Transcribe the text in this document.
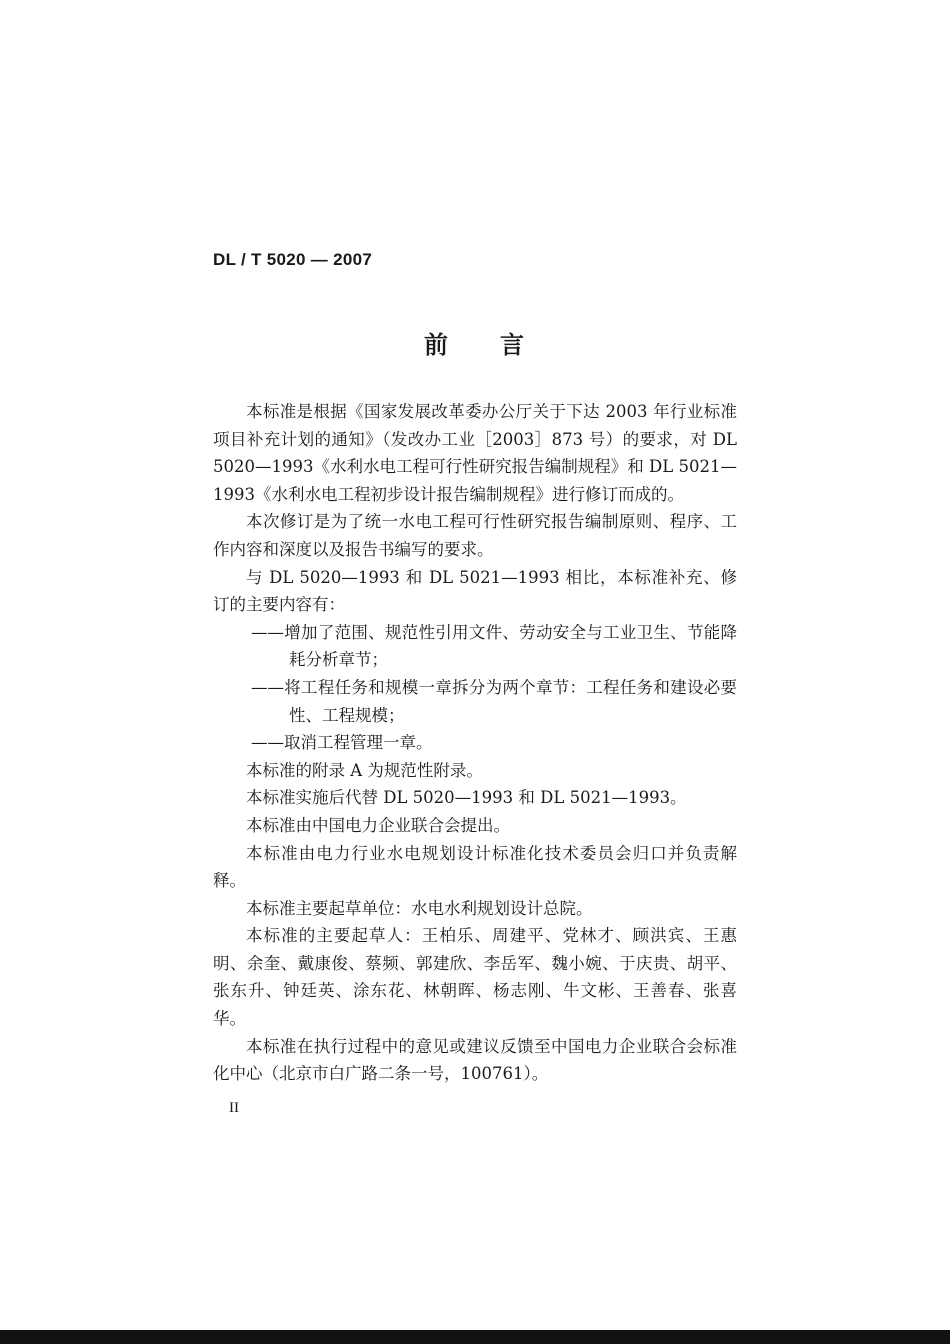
DL / T 5020 — 2007
前言

本标准是根据《国家发展改革委办公厅关于下达 2003 年行业标准项目补充计划的通知》（发改办工业［2003］873 号）的要求，对 DL 5020—1993《水利水电工程可行性研究报告编制规程》和 DL 5021—1993《水利水电工程初步设计报告编制规程》进行修订而成的。

本次修订是为了统一水电工程可行性研究报告编制原则、程序、工作内容和深度以及报告书编写的要求。

与 DL 5020—1993 和 DL 5021—1993 相比，本标准补充、修订的主要内容有：

——增加了范围、规范性引用文件、劳动安全与工业卫生、节能降耗分析章节；

——将工程任务和规模一章拆分为两个章节：工程任务和建设必要性、工程规模；

——取消工程管理一章。

本标准的附录 A 为规范性附录。

本标准实施后代替 DL 5020—1993 和 DL 5021—1993。

本标准由中国电力企业联合会提出。

本标准由电力行业水电规划设计标准化技术委员会归口并负责解释。

本标准主要起草单位：水电水利规划设计总院。

本标准的主要起草人：王柏乐、周建平、党林才、顾洪宾、王惠明、余奎、戴康俊、蔡频、郭建欣、李岳军、魏小婉、于庆贵、胡平、张东升、钟廷英、涂东花、林朝晖、杨志刚、牛文彬、王善春、张喜华。

本标准在执行过程中的意见或建议反馈至中国电力企业联合会标准化中心（北京市白广路二条一号，100761）。

II
